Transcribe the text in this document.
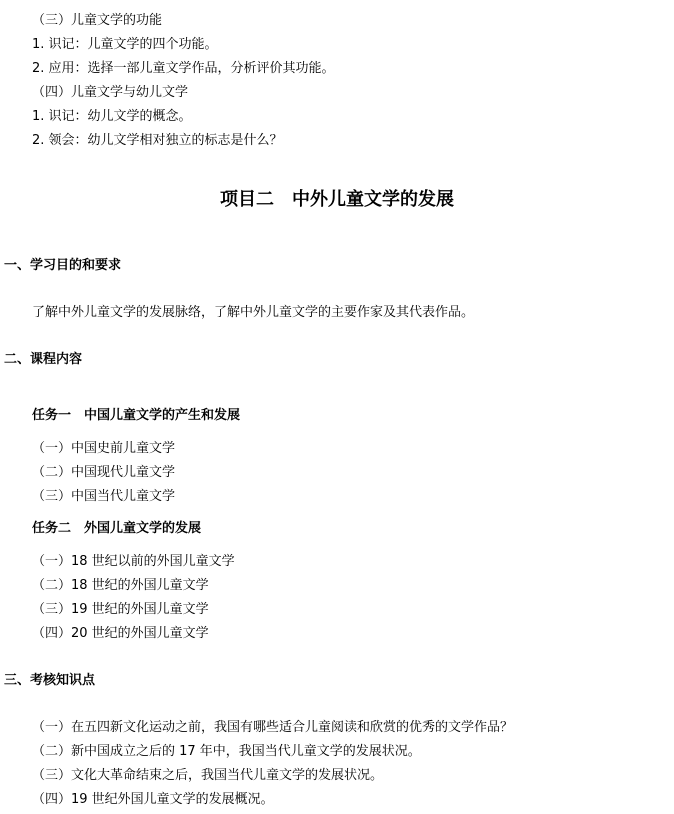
（三）儿童文学的功能
1. 识记：儿童文学的四个功能。
2. 应用：选择一部儿童文学作品，分析评价其功能。
（四）儿童文学与幼儿文学
1. 识记：幼儿文学的概念。
2. 领会：幼儿文学相对独立的标志是什么？
项目二　中外儿童文学的发展
一、学习目的和要求
了解中外儿童文学的发展脉络，了解中外儿童文学的主要作家及其代表作品。
二、课程内容
任务一　中国儿童文学的产生和发展
（一）中国史前儿童文学
（二）中国现代儿童文学
（三）中国当代儿童文学
任务二　外国儿童文学的发展
（一）18 世纪以前的外国儿童文学
（二）18 世纪的外国儿童文学
（三）19 世纪的外国儿童文学
（四）20 世纪的外国儿童文学
三、考核知识点
（一）在五四新文化运动之前，我国有哪些适合儿童阅读和欣赏的优秀的文学作品？
（二）新中国成立之后的 17 年中，我国当代儿童文学的发展状况。
（三）文化大革命结束之后，我国当代儿童文学的发展状况。
（四）19 世纪外国儿童文学的发展概况。
